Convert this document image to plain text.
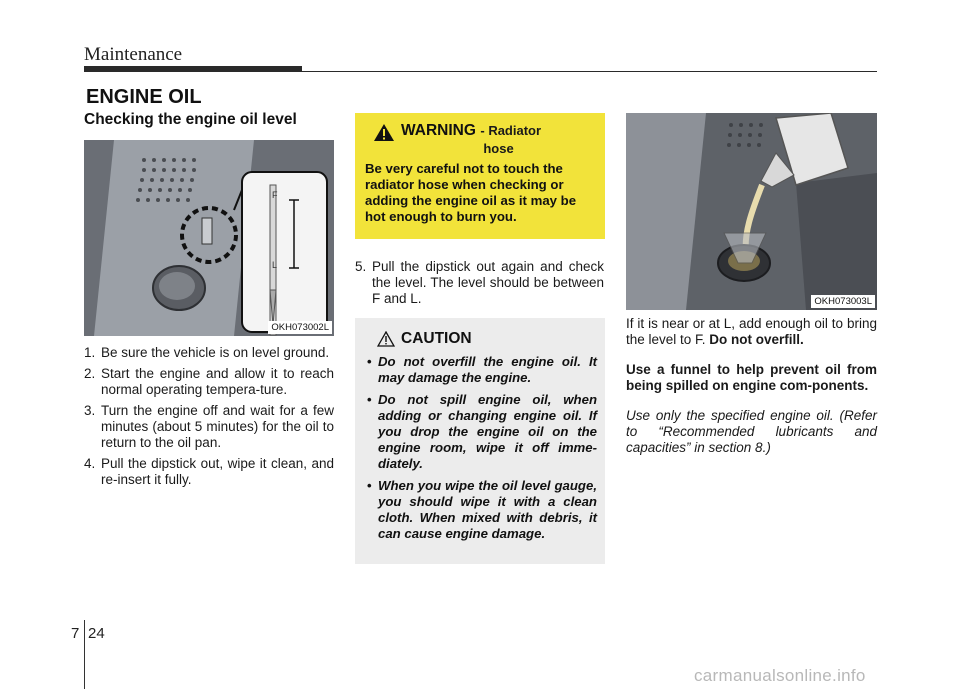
Maintenance
ENGINE OIL
Checking the engine oil level
F
L
OKH073002L
1. Be sure the vehicle is on level ground.
2. Start the engine and allow it to reach normal operating tempera-ture.
3. Turn the engine off and wait for a few minutes (about 5 minutes) for the oil to return to the oil pan.
4. Pull the dipstick out, wipe it clean, and re-insert it fully.
WARNING - Radiator
hose
Be very careful not to touch the radiator hose when checking or adding the engine oil as it may be hot enough to burn you.
5. Pull the dipstick out again and check the level. The level should be between F and L.
CAUTION
• Do not overfill the engine oil. It may damage the engine.
• Do not spill engine oil, when adding or changing engine oil. If you drop the engine oil on the engine room, wipe it off imme-diately.
• When you wipe the oil level gauge, you should wipe it with a clean cloth. When mixed with debris, it can cause engine damage.
OKH073003L

If it is near or at L, add enough oil to bring the level to F. Do not overfill.

Use a funnel to help prevent oil from being spilled on engine com-ponents.

Use only the specified engine oil. (Refer to “Recommended lubricants and capacities” in section 8.)

7 24
carmanualsonline.info
